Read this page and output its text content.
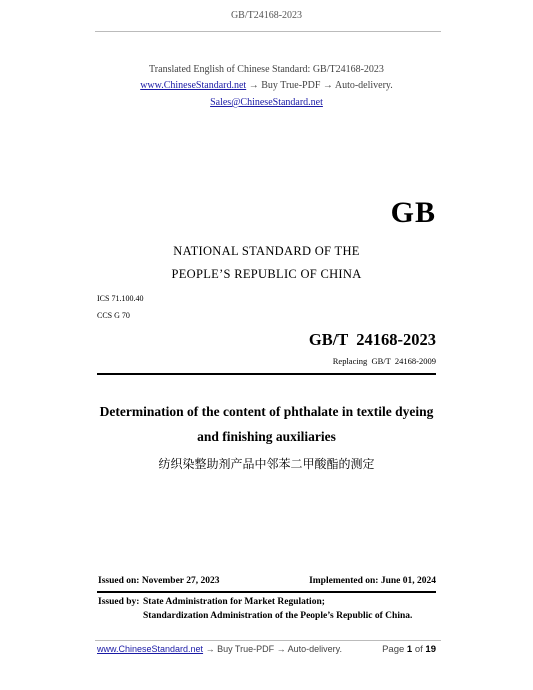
GB/T24168-2023
Translated English of Chinese Standard: GB/T24168-2023
www.ChineseStandard.net → Buy True-PDF → Auto-delivery.
Sales@ChineseStandard.net
GB
NATIONAL STANDARD OF THE
PEOPLE’S REPUBLIC OF CHINA
ICS 71.100.40
CCS G 70
GB/T  24168-2023
Replacing  GB/T  24168-2009
Determination of the content of phthalate in textile dyeing
and finishing auxiliaries
纺织染整助剂产品中邻苯二甲酸酯的测定
Issued on: November 27, 2023	Implemented on: June 01, 2024
Issued by: State Administration for Market Regulation;
Standardization Administration of the People’s Republic of China.
www.ChineseStandard.net → Buy True-PDF → Auto-delivery.	Page 1 of 19
